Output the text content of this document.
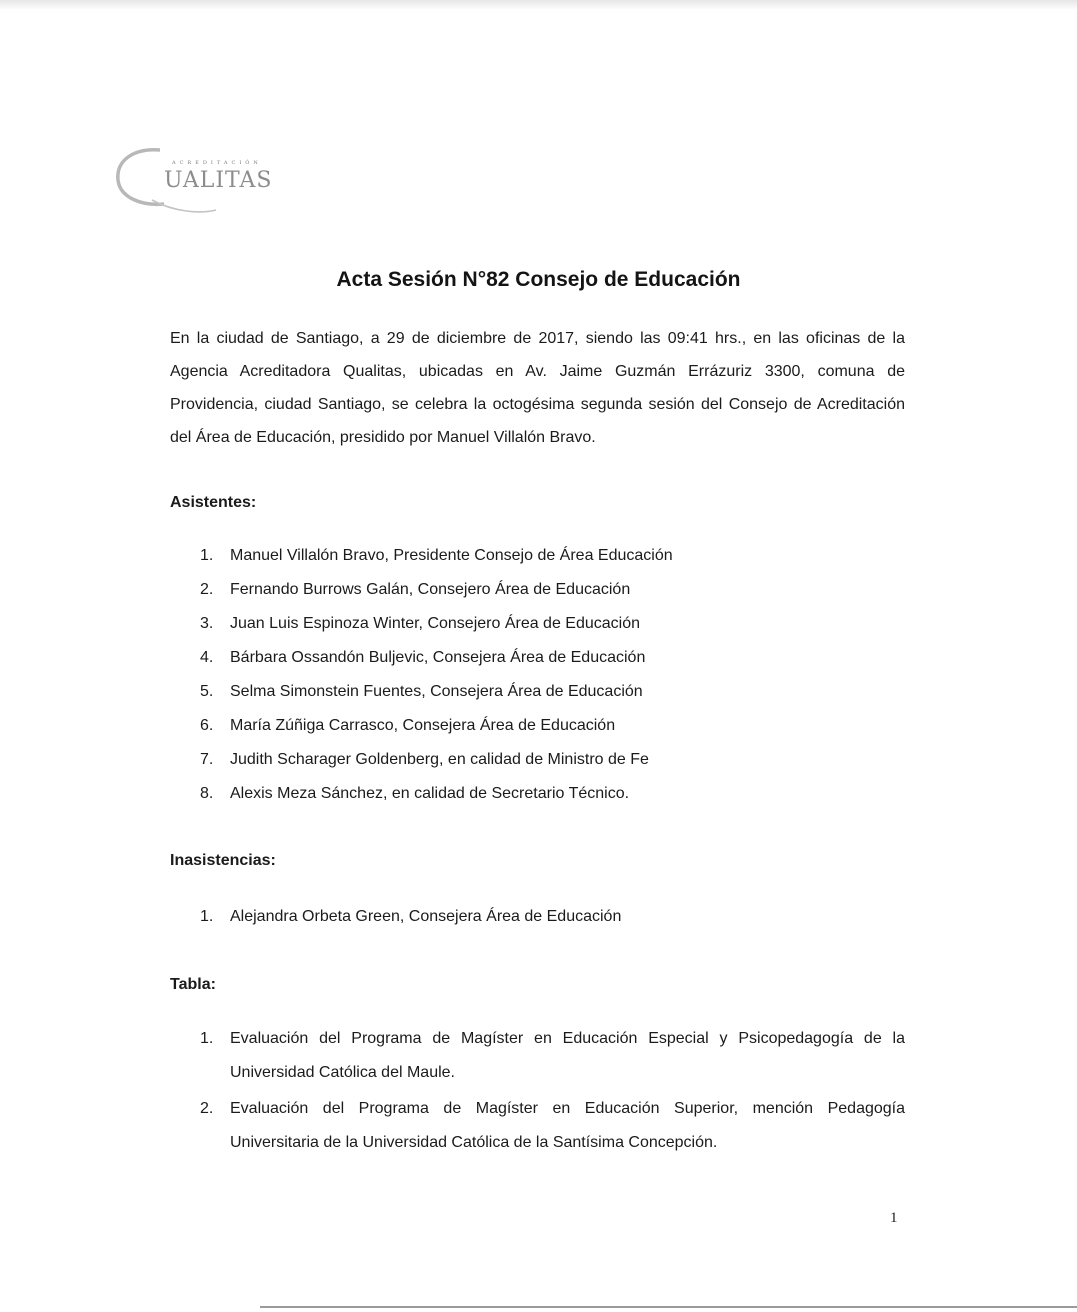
ACREDITACIÓN
UALITAS
Acta Sesión N°82 Consejo de Educación

En la ciudad de Santiago, a 29 de diciembre de 2017, siendo las 09:41 hrs., en las oficinas de la Agencia Acreditadora Qualitas, ubicadas en Av. Jaime Guzmán Errázuriz 3300, comuna de Providencia, ciudad Santiago, se celebra la octogésima segunda sesión del Consejo de Acreditación del Área de Educación, presidido por Manuel Villalón Bravo.

Asistentes:
1.	Manuel Villalón Bravo, Presidente Consejo de Área Educación
2.	Fernando Burrows Galán, Consejero Área de Educación
3.	Juan Luis Espinoza Winter, Consejero Área de Educación
4.	Bárbara Ossandón Buljevic, Consejera Área de Educación
5.	Selma Simonstein Fuentes, Consejera Área de Educación
6.	María Zúñiga Carrasco, Consejera Área de Educación
7.	Judith Scharager Goldenberg, en calidad de Ministro de Fe
8.	Alexis Meza Sánchez, en calidad de Secretario Técnico.
Inasistencias:
1.	Alejandra Orbeta Green, Consejera Área de Educación
Tabla:
1.	Evaluación del Programa de Magíster en Educación Especial y Psicopedagogía de la Universidad Católica del Maule.
2.	Evaluación del Programa de Magíster en Educación Superior, mención Pedagogía Universitaria de la Universidad Católica de la Santísima Concepción.
1
